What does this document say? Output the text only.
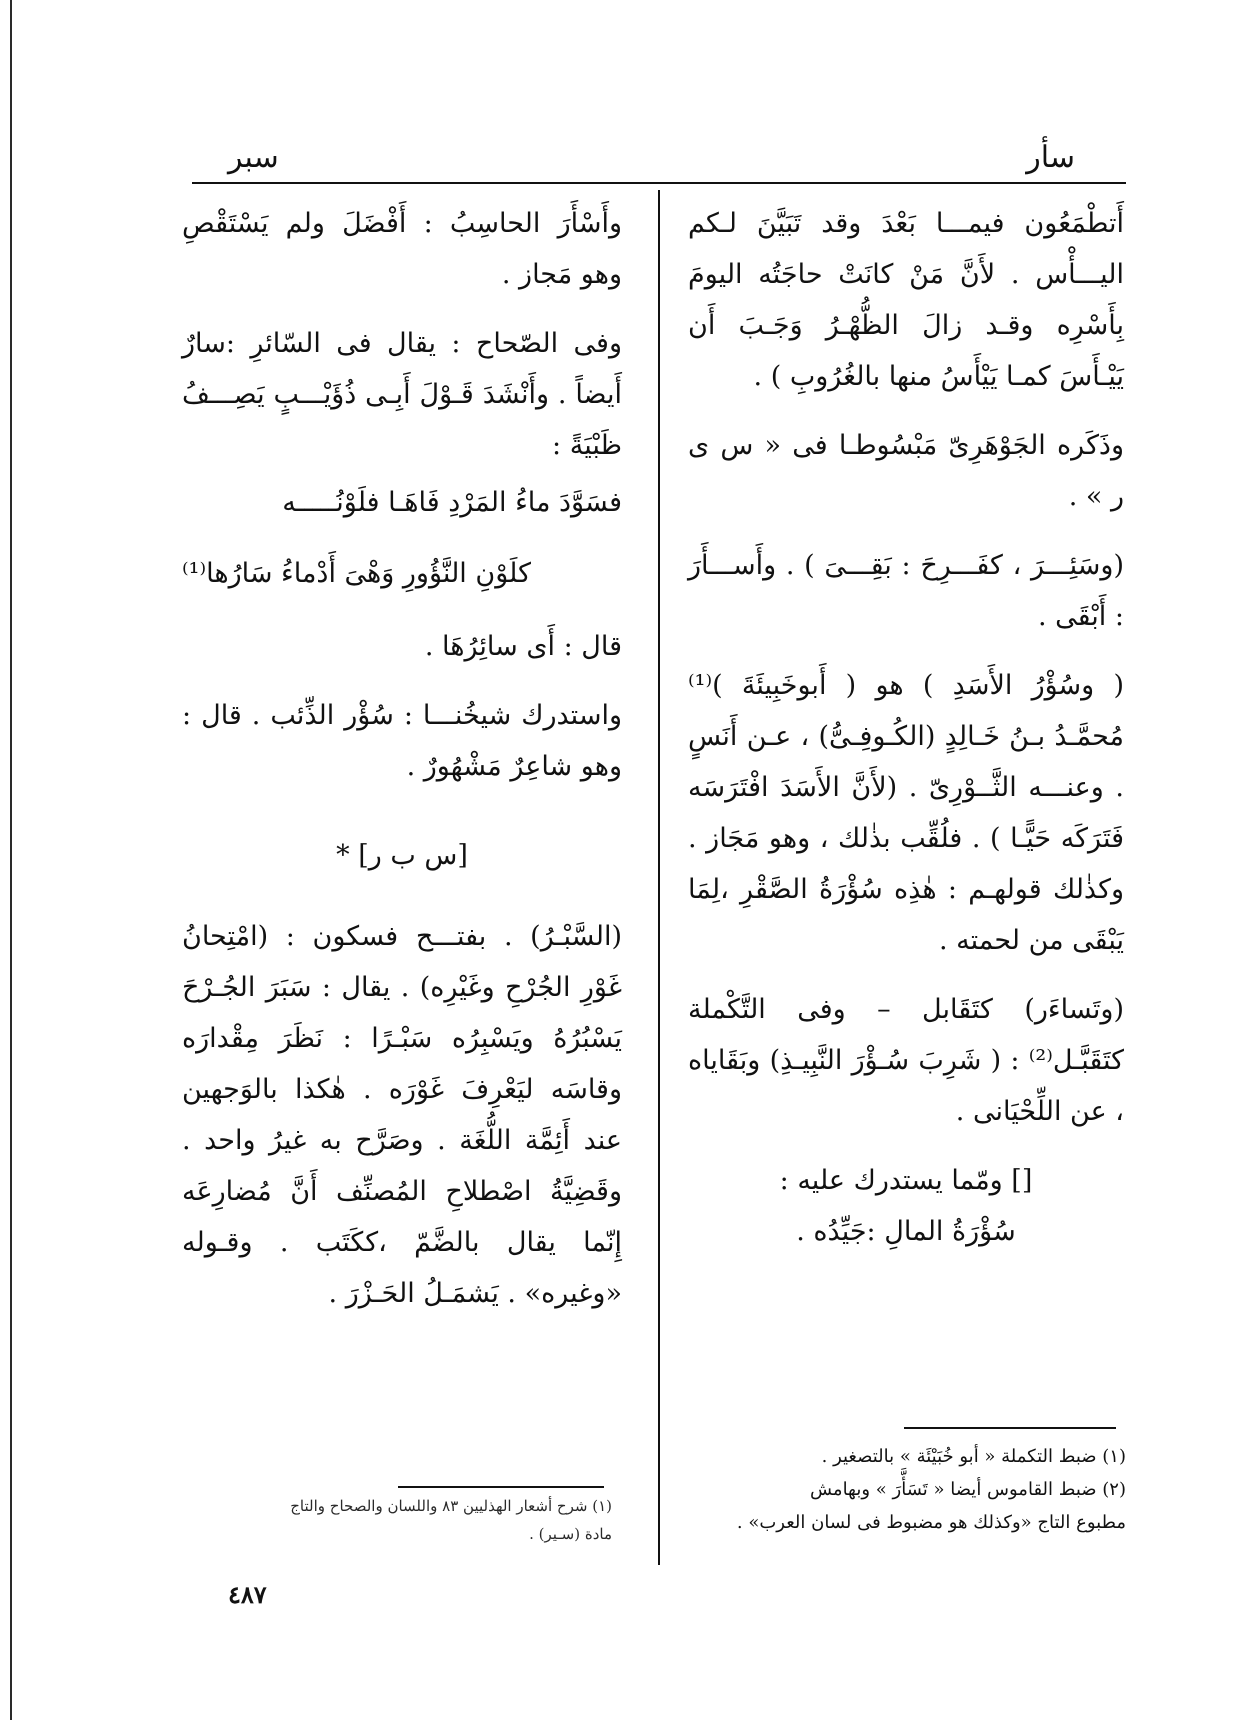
سأر
سبر

أَتطْمَعُون فيمـــا بَعْدَ وقد تَبَيَّنَ لـكم اليـــأْس . لأَنَّ مَنْ كانَتْ حاجَتُه اليومَ بِأَسْرِه وقـد زالَ الظُّهْـرُ وَجَـبَ أَن يَيْـأَسَ كمـا يَيْأَسُ منها بالغُرُوبِ ) .

وذَكَره الجَوْهَرِىّ مَبْسُوطـا فى « س ى ر » .

(وسَئِـــرَ ، كفَـــرِحَ : بَقِـــىَ ) . وأَســـأَرَ : أَبْقَى .

( وسُؤْرُ الأَسَدِ ) هو ( أَبوخَبِيئَةَ )⁽¹⁾ مُحمَّـدُ بـنُ خَـالِدٍ (الكُـوفِـىُّ) ، عـن أَنَسٍ . وعنـــه الثَّــوْرِىّ . (لأَنَّ الأَسَدَ افْتَرَسَه فَتَرَكَه حَيًّـا ) . فلُقِّب بذٰلك ، وهو مَجَاز . وكذٰلك قولهـم : هٰذِه سُؤْرَةُ الصَّقْرِ ،لِمَا يَبْقَى من لحمته .

(وتَساءَر) كتَقَابل – وفى التَّكْملة كتَقَبَّـل⁽²⁾ : ( شَرِبَ سُـؤْرَ النَّبِيـذِ) وبَقَاياه ، عن اللِّحْيَانى .

[] ومّما يستدرك عليه :

سُؤْرَةُ المالِ :جَيِّدُه .

وأَسْأَرَ الحاسِبُ : أَفْضَلَ ولم يَسْتَقْصِ وهو مَجاز .

وفى الصّحاح : يقال فى السّائرِ :سارٌ أَيضاً . وأَنْشَدَ قَـوْلَ أَبِـى ذُؤَيْـــبٍ يَصِـــفُ ظَبْيَةً :

فسَوَّدَ ماءُ المَرْدِ فَاهَـا فلَوْنُـــــه

كلَوْنِ النَّؤُورِ وَهْىَ أَدْماءُ سَارُها⁽¹⁾

قال : أَى سائِرُهَا .

واستدرك شيخُنـــا : سُؤْر الذِّئب . قال : وهو شاعِرٌ مَشْهُورٌ .

[س ب ر] *

(السَّبْـرُ) . بفتـــح فسكون : (امْتِحانُ غَوْرِ الجُرْحِ وغَيْرِه) . يقال : سَبَرَ الجُـرْحَ يَسْبُرُهُ ويَسْبِرُه سَبْـرًا : نَظَرَ مِقْدارَه وقاسَه ليَعْرِفَ غَوْرَه . هٰكذا بالوَجهين عند أَئِمَّة اللُّغَة . وصَرَّح به غيرُ واحد . وقَضِيَّةُ اصْطلاحِ المُصنِّف أَنَّ مُضارِعَه إِنّما يقال بالضَّمّ ،ككَتَب . وقـوله «وغيره» . يَشمَـلُ الحَـزْرَ .

(١) ضبط التكملة « أبو خُبَيْئَة » بالتصغير .

(٢) ضبط القاموس أيضا « تَسَأَّرَ » وبهامش

مطبوع التاج «وكذلك هو مضبوط فى لسان العرب» .

(١) شرح أشعار الهذليين ٨٣ واللسان والصحاح والتاج

مادة (سـير) .

٤٨٧
